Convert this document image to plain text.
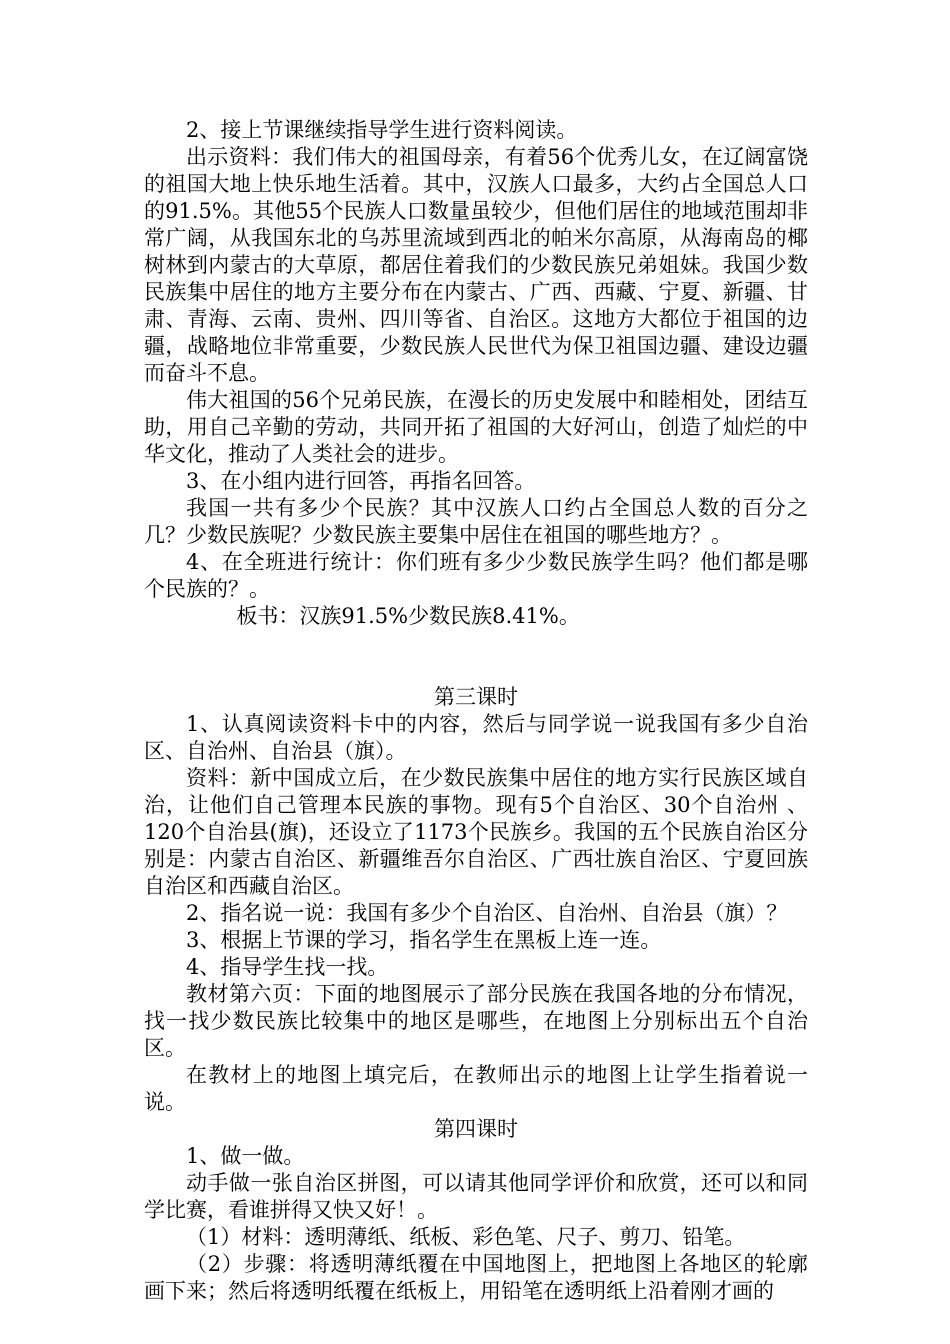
2、接上节课继续指导学生进行资料阅读。

出示资料：我们伟大的祖国母亲，有着56个优秀儿女，在辽阔富饶的祖国大地上快乐地生活着。其中，汉族人口最多，大约占全国总人口的91.5%。其他55个民族人口数量虽较少，但他们居住的地域范围却非常广阔，从我国东北的乌苏里流域到西北的帕米尔高原，从海南岛的椰树林到内蒙古的大草原，都居住着我们的少数民族兄弟姐妹。我国少数民族集中居住的地方主要分布在内蒙古、广西、西藏、宁夏、新疆、甘肃、青海、云南、贵州、四川等省、自治区。这地方大都位于祖国的边疆，战略地位非常重要，少数民族人民世代为保卫祖国边疆、建设边疆而奋斗不息。

伟大祖国的56个兄弟民族，在漫长的历史发展中和睦相处，团结互助，用自己辛勤的劳动，共同开拓了祖国的大好河山，创造了灿烂的中华文化，推动了人类社会的进步。

3、在小组内进行回答，再指名回答。

我国一共有多少个民族？其中汉族人口约占全国总人数的百分之几？少数民族呢？少数民族主要集中居住在祖国的哪些地方？。

4、在全班进行统计：你们班有多少少数民族学生吗？他们都是哪个民族的？。

板书：汉族91.5%少数民族8.41%。

第三课时

1、认真阅读资料卡中的内容，然后与同学说一说我国有多少自治区、自治州、自治县（旗）。

资料：新中国成立后，在少数民族集中居住的地方实行民族区域自治，让他们自己管理本民族的事物。现有5个自治区、30个自治州 、120个自治县(旗)，还设立了1173个民族乡。我国的五个民族自治区分别是：内蒙古自治区、新疆维吾尔自治区、广西壮族自治区、宁夏回族自治区和西藏自治区。

2、指名说一说：我国有多少个自治区、自治州、自治县（旗）？

3、根据上节课的学习，指名学生在黑板上连一连。

4、指导学生找一找。

教材第六页：下面的地图展示了部分民族在我国各地的分布情况，找一找少数民族比较集中的地区是哪些，在地图上分别标出五个自治区。

在教材上的地图上填完后，在教师出示的地图上让学生指着说一说。

第四课时

1、做一做。

动手做一张自治区拼图，可以请其他同学评价和欣赏，还可以和同学比赛，看谁拼得又快又好！。

（1）材料：透明薄纸、纸板、彩色笔、尺子、剪刀、铅笔。

（2）步骤：将透明薄纸覆在中国地图上，把地图上各地区的轮廓画下来；然后将透明纸覆在纸板上，用铅笔在透明纸上沿着刚才画的
